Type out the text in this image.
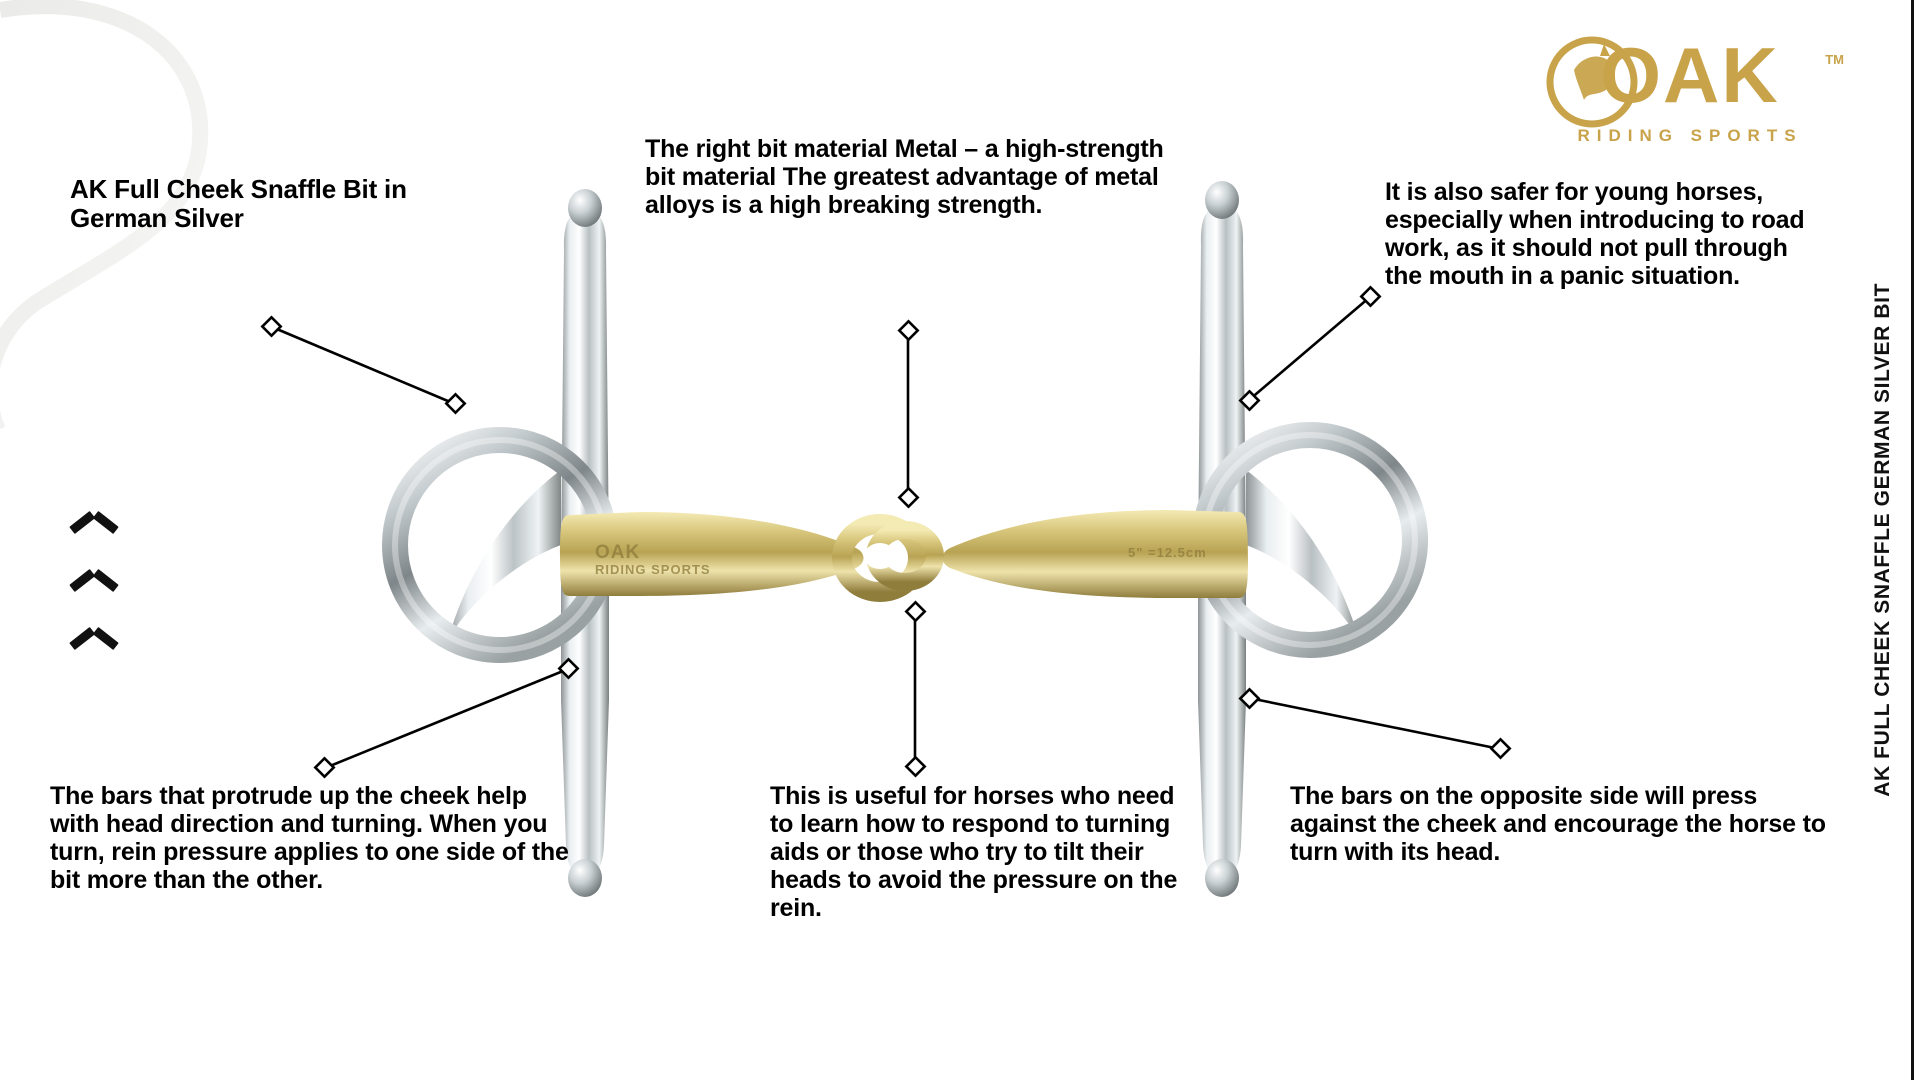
OAK
RIDING SPORTS
5" =12.5cm
AK Full Cheek Snaffle Bit in German Silver
The right bit material Metal – a high-strength bit material The greatest advantage of metal alloys is a high breaking strength.	It is also safer for young horses, especially when introducing to road work, as it should not pull through the mouth in a panic situation.
The bars that protrude up the cheek help with head direction and turning. When you turn, rein pressure applies to one side of the bit more than the other.
This is useful for horses who need to learn how to respond to turning aids or those who try to tilt their heads to avoid the pressure on the rein.
The bars on the opposite side will press against the cheek and encourage the horse to turn with its head.
OAK	TM
RIDING SPORTS
AK FULL CHEEK SNAFFLE GERMAN SILVER BIT
